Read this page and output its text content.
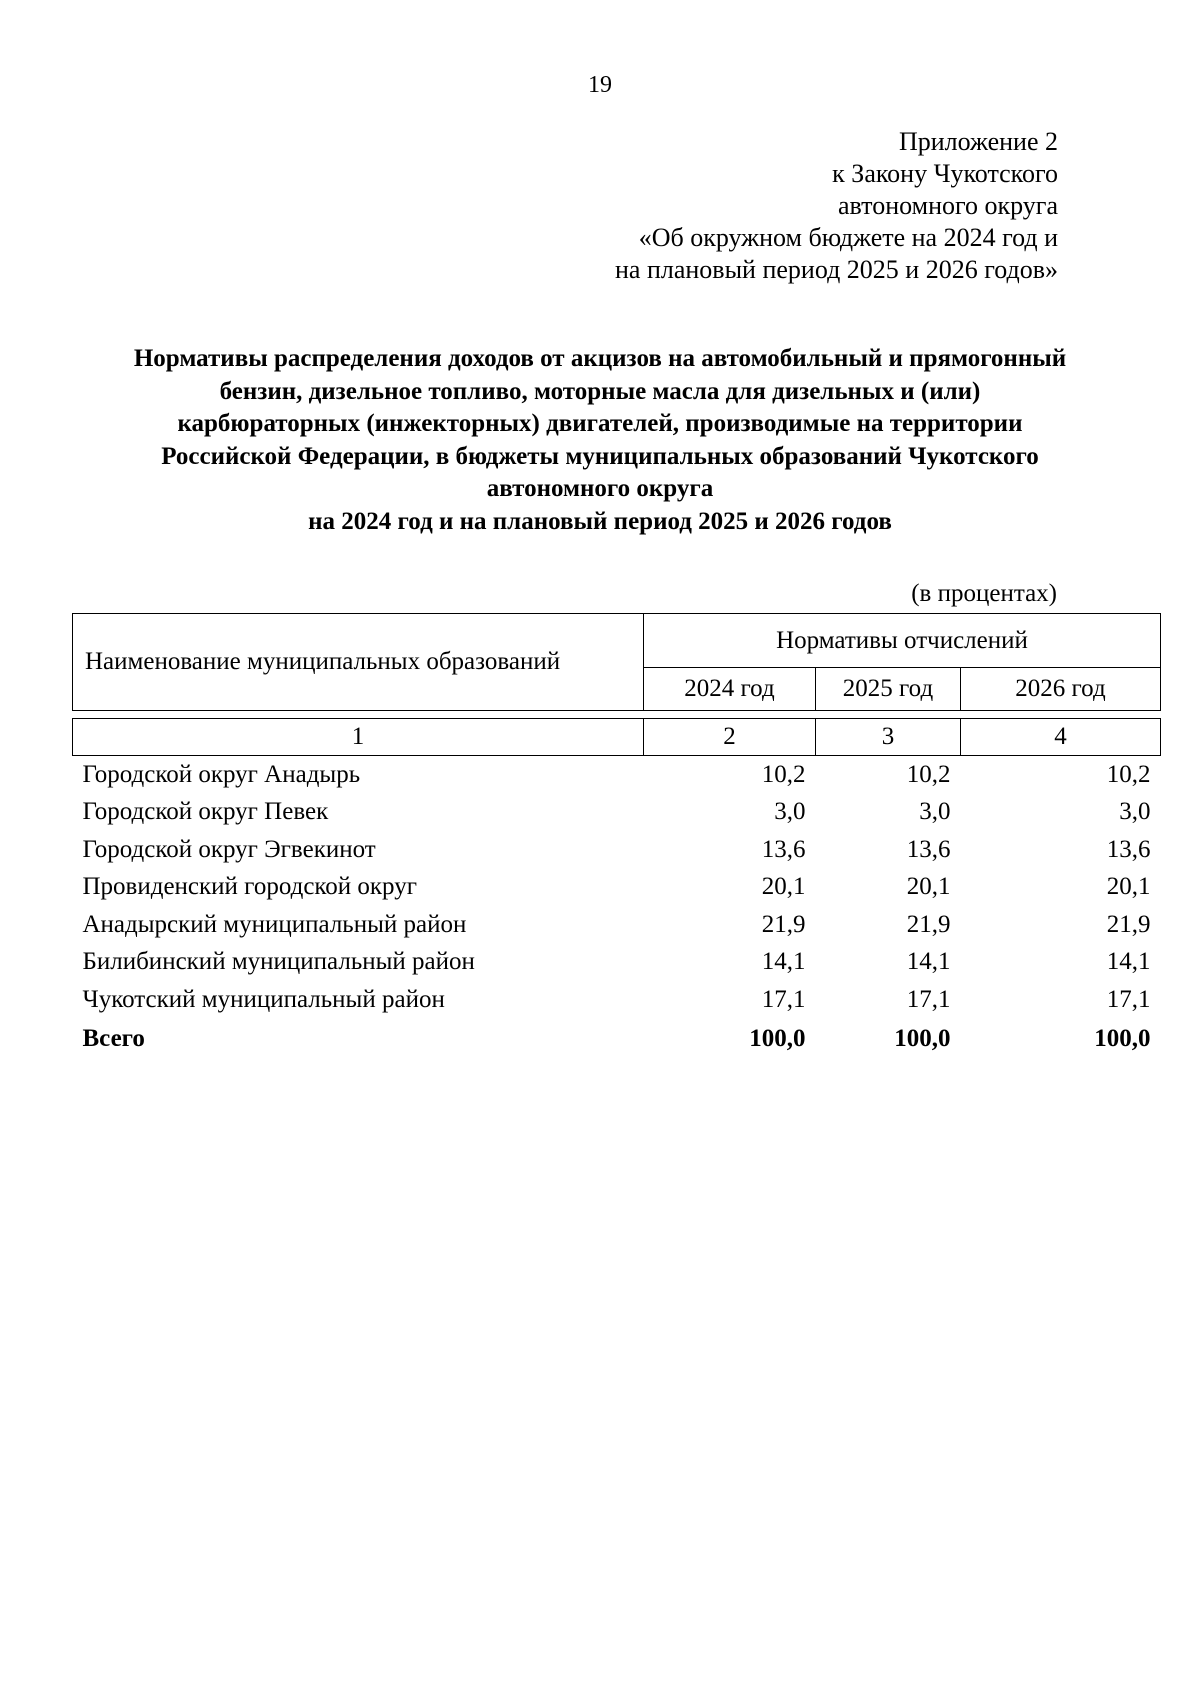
19
Приложение 2
к Закону Чукотского
автономного округа
«Об окружном бюджете на 2024 год и
на плановый период 2025 и 2026 годов»
Нормативы распределения доходов от акцизов на автомобильный и прямогонный
бензин, дизельное топливо, моторные масла для дизельных и (или)
карбюраторных (инжекторных) двигателей, производимые на территории
Российской Федерации, в бюджеты муниципальных образований Чукотского
автономного округа
на 2024 год и на плановый период 2025 и 2026 годов
(в процентах)
Наименование муниципальных образований	Нормативы отчислений		
	2024 год	2025 год	2026 год

1	2	3	4
Городской округ Анадырь	10,2	10,2	10,2
Городской округ Певек	3,0	3,0	3,0
Городской округ Эгвекинот	13,6	13,6	13,6
Провиденский городской округ	20,1	20,1	20,1
Анадырский муниципальный район	21,9	21,9	21,9
Билибинский муниципальный район	14,1	14,1	14,1
Чукотский муниципальный район	17,1	17,1	17,1
Всего	100,0	100,0	100,0
